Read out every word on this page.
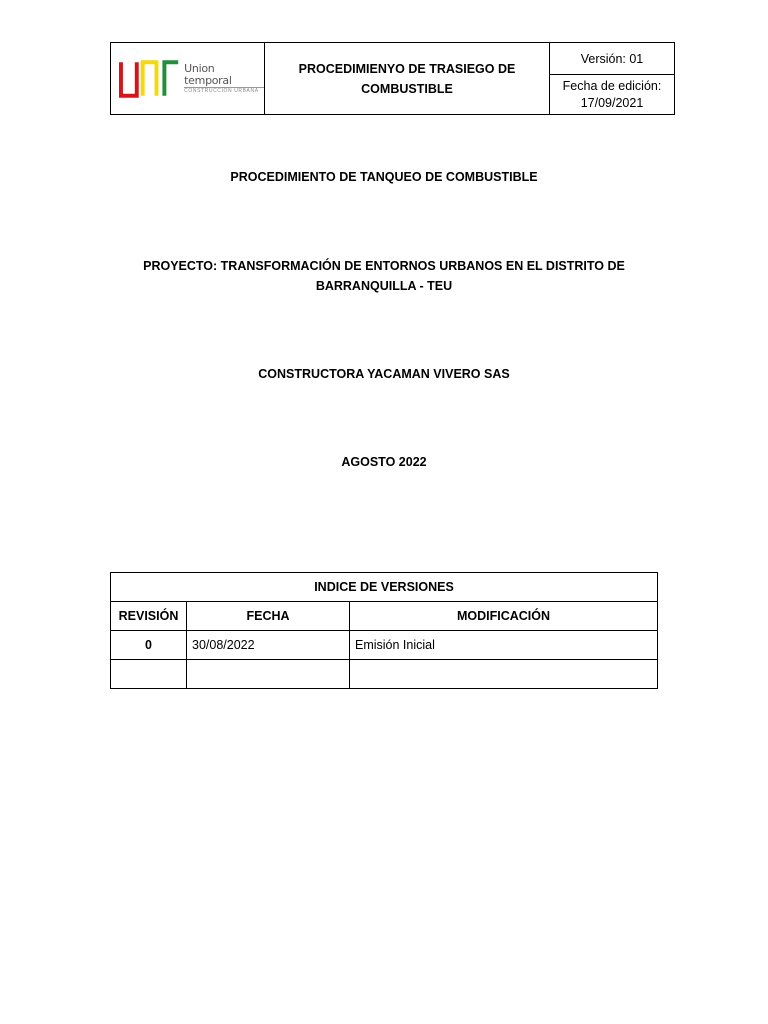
Union temporal
CONSTRUCCION URBANA
PROCEDIMIENYO DE TRASIEGO DE
COMBUSTIBLE
Versión: 01
Fecha de edición:
17/09/2021
PROCEDIMIENTO DE TANQUEO DE COMBUSTIBLE
PROYECTO: TRANSFORMACIÓN DE ENTORNOS URBANOS EN EL DISTRITO DE
BARRANQUILLA - TEU
CONSTRUCTORA YACAMAN VIVERO SAS
AGOSTO 2022
INDICE DE VERSIONES		
REVISIÓN	FECHA	MODIFICACIÓN
0	30/08/2022	Emisión Inicial
